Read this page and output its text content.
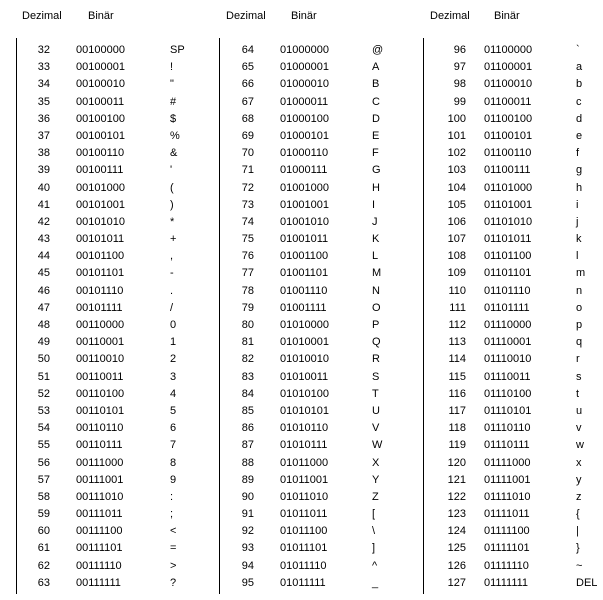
Dezimal Binär	Dezimal Binär	Dezimal Binär
32 00100000	SP
33 00100001	!
34 00100010	"
35 00100011	#
36 00100100	$
37 00100101	%
38 00100110	&
39 00100111	'
40 00101000	(
41 00101001	)
42 00101010	*
43 00101011	+
44 00101100	,
45 00101101	-
46 00101110	.
47 00101111	/
48 00110000	0
49 00110001	1
50 00110010	2
51 00110011	3
52 00110100	4
53 00110101	5
54 00110110	6
55 00110111	7
56 00111000	8
57 00111001	9
58 00111010	:
59 00111011	;
60 00111100	<
61 00111101	=
62 00111110	>
63 00111111	?
64 01000000	@
65 01000001	A
66 01000010	B
67 01000011	C
68 01000100	D
69 01000101	E
70 01000110	F
71 01000111	G
72 01001000	H
73 01001001	I
74 01001010	J
75 01001011	K
76 01001100	L
77 01001101	M
78 01001110	N
79 01001111	O
80 01010000	P
81 01010001	Q
82 01010010	R
83 01010011	S
84 01010100	T
85 01010101	U
86 01010110	V
87 01010111	W
88 01011000	X
89 01011001	Y
90 01011010	Z
91 01011011	[
92 01011100	\
93 01011101	]
94 01011110	^
95 01011111	_
96 01100000	`
97 01100001	a
98 01100010	b
99 01100011	c
100 01100100	d
101 01100101	e
102 01100110	f
103 01100111	g
104 01101000	h
105 01101001	i
106 01101010	j
107 01101011	k
108 01101100	l
109 01101101	m
110 01101110	n
111 01101111	o
112 01110000	p
113 01110001	q
114 01110010	r
115 01110011	s
116 01110100	t
117 01110101	u
118 01110110	v
119 01110111	w
120 01111000	x
121 01111001	y
122 01111010	z
123 01111011	{
124 01111100	|
125 01111101	}
126 01111110	~
127 01111111	DEL
